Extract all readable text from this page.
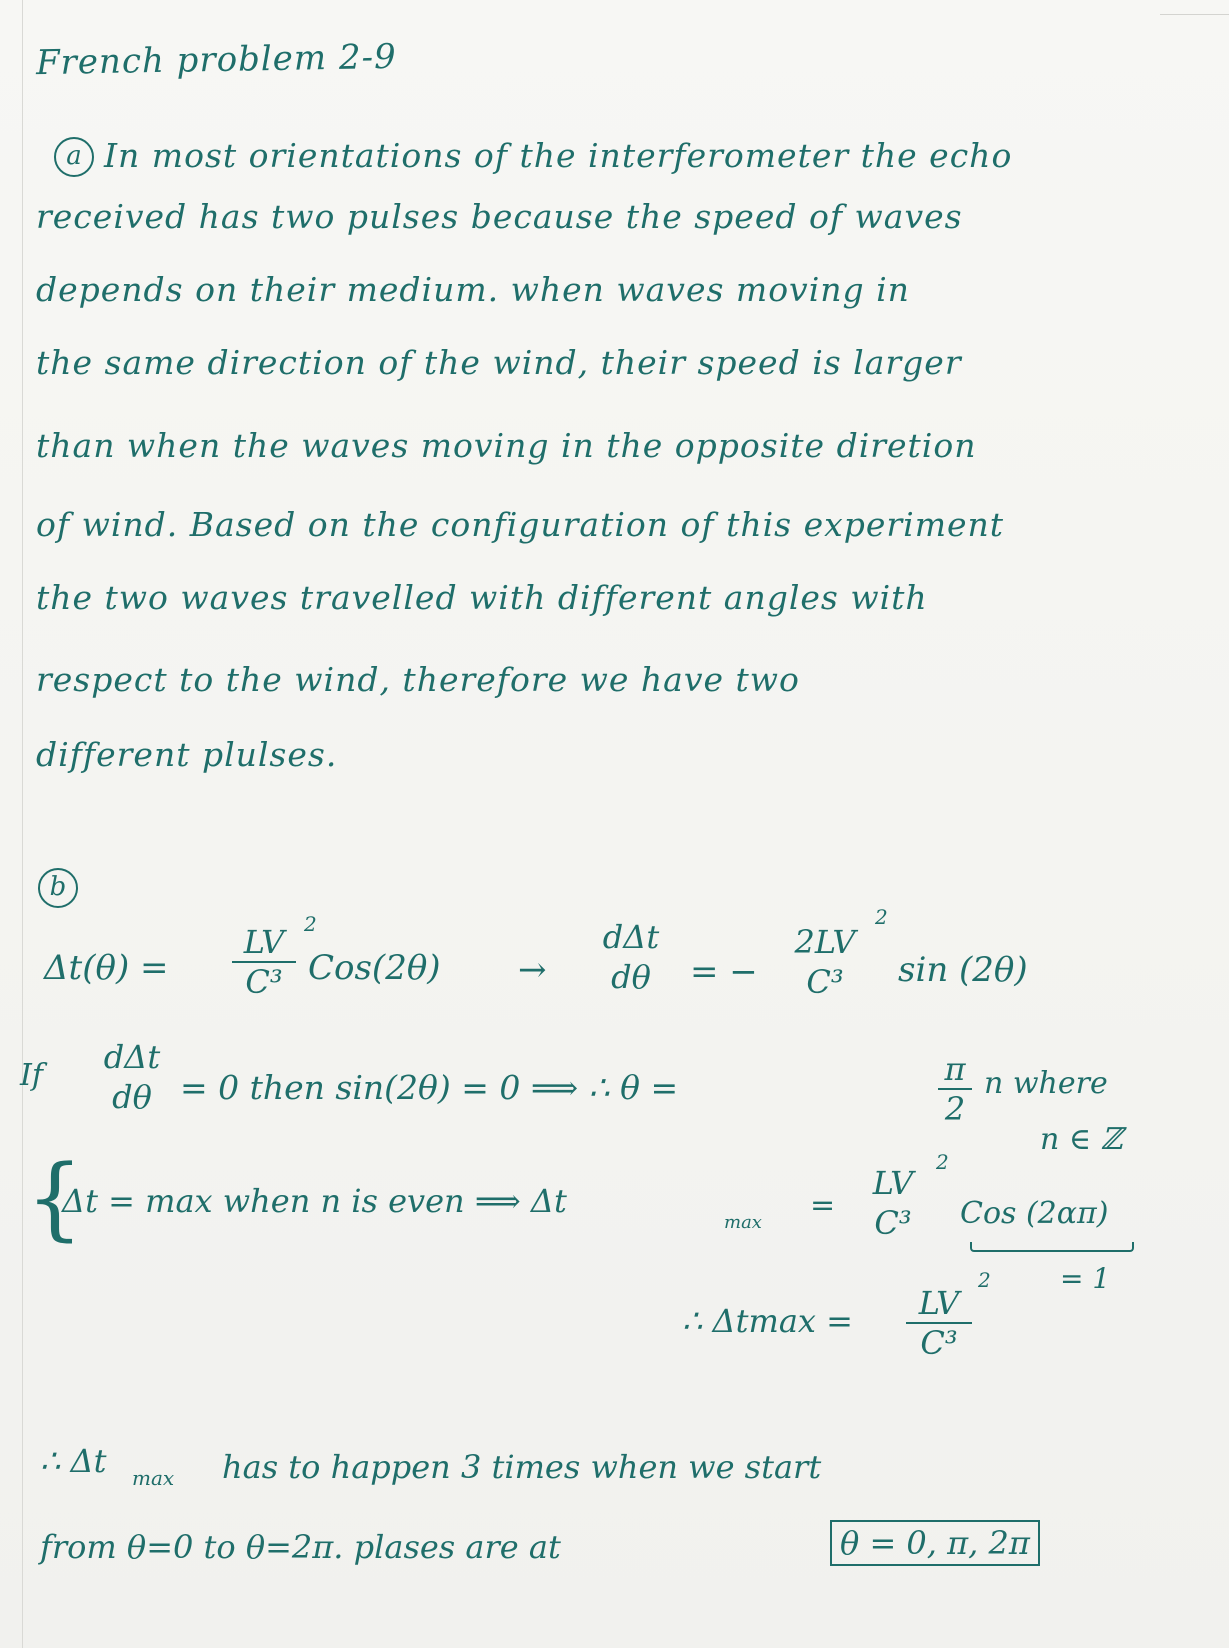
French problem 2-9
a In most orientations of the interferometer the echo
received has two pulses because the speed of waves
depends on their medium. when waves moving in
the same direction of the wind, their speed is larger
than when the waves moving in the opposite diretion
of wind. Based on the configuration of this experiment
the two waves travelled with different angles with
respect to the wind, therefore we have two
different plulses.
b
Δt(θ) =
LV
C³
2
Cos(2θ) →
dΔt
dθ	= −
2LV
C³
2
sin (2θ)
If	dΔt
dθ = 0 then sin(2θ) = 0 ⟹ ∴ θ =	π
2
n where
n ∈ ℤ
{
Δt = max when n is even ⟹ Δt
max =
LV
C³
2
Cos (2απ)
= 1
∴ Δtmax =	LV
C³
2
∴ Δt max has to happen 3 times when we start
from θ=0 to θ=2π. plases are at	θ = 0, π, 2π
